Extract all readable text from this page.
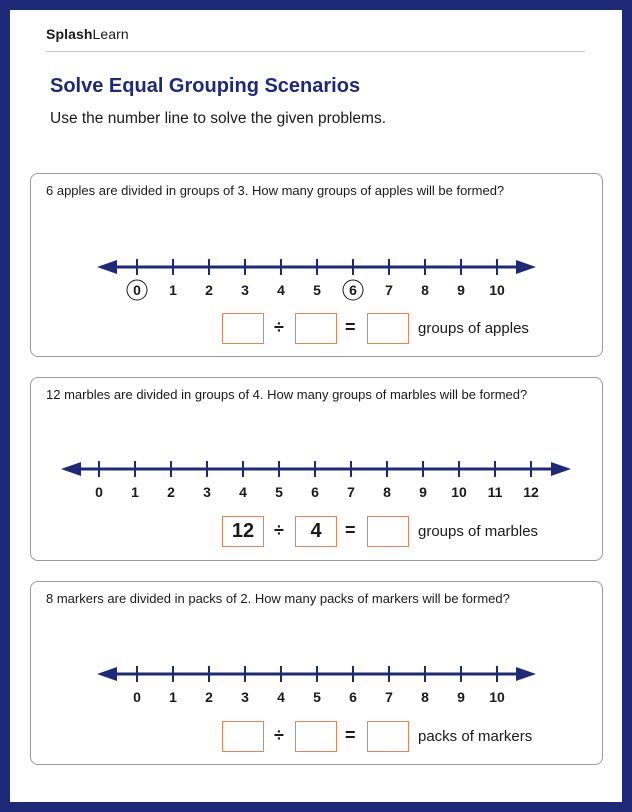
SplashLearn
Solve Equal Grouping Scenarios
Use the number line to solve the given problems.
6 apples are divided in groups of 3. How many groups of apples will be formed?
0 1 2 3 4 5 6 7 8 9 10
÷	=	groups of apples
12 marbles are divided in groups of 4. How many groups of marbles will be formed?
0 1 2 3 4 5 6 7 8 9 10 11 12
12	÷	4	=	groups of marbles
8 markers are divided in packs of 2. How many packs of markers will be formed?
0 1 2 3 4 5 6 7 8 9 10
÷	=	packs of markers
